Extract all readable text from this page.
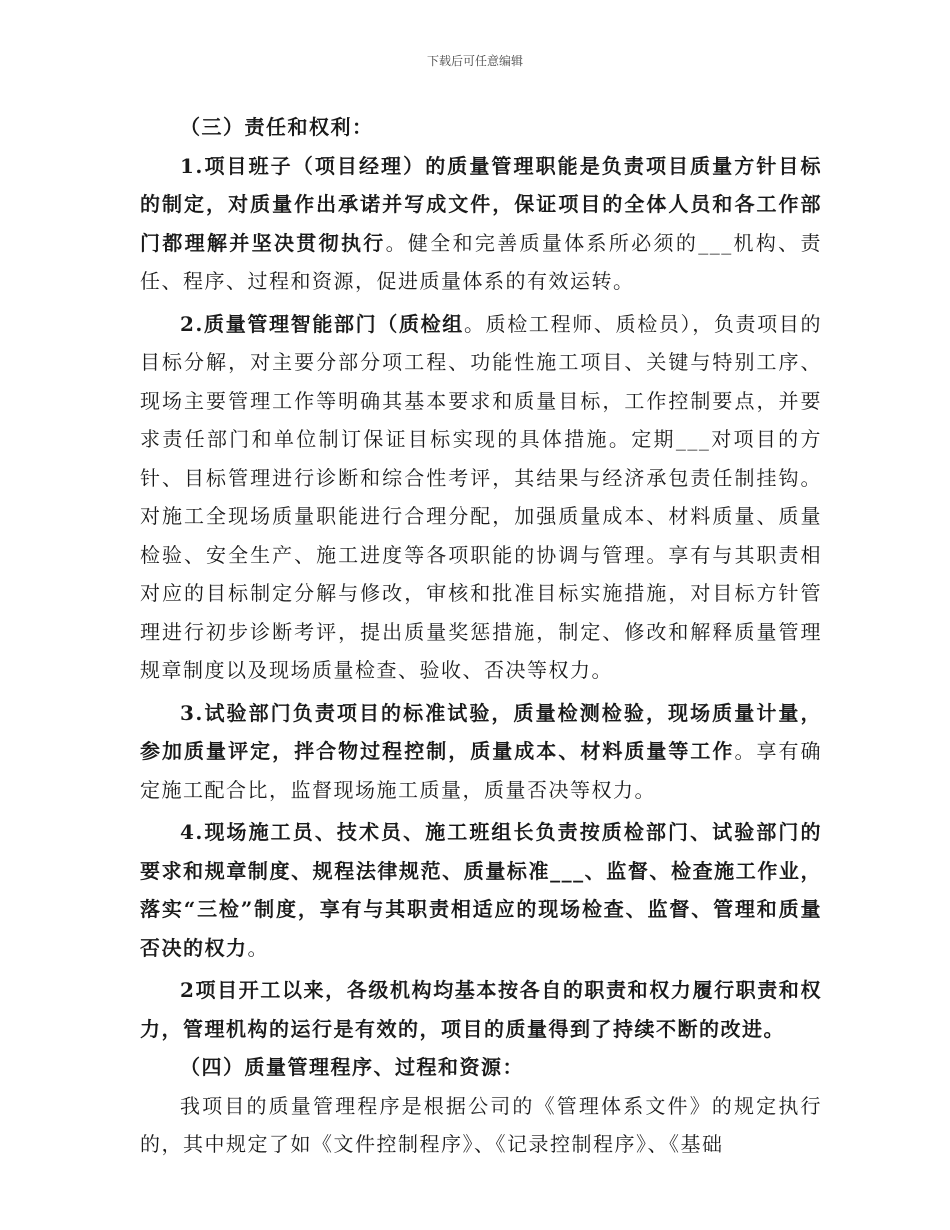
下载后可任意编辑

（三）责任和权利：

1.项目班子（项目经理）的质量管理职能是负责项目质量方针目标的制定，对质量作出承诺并写成文件，保证项目的全体人员和各工作部门都理解并坚决贯彻执行。健全和完善质量体系所必须的___机构、责任、程序、过程和资源，促进质量体系的有效运转。

2.质量管理智能部门（质检组。质检工程师、质检员），负责项目的目标分解，对主要分部分项工程、功能性施工项目、关键与特别工序、现场主要管理工作等明确其基本要求和质量目标，工作控制要点，并要求责任部门和单位制订保证目标实现的具体措施。定期___对项目的方针、目标管理进行诊断和综合性考评，其结果与经济承包责任制挂钩。对施工全现场质量职能进行合理分配，加强质量成本、材料质量、质量检验、安全生产、施工进度等各项职能的协调与管理。享有与其职责相对应的目标制定分解与修改，审核和批准目标实施措施，对目标方针管理进行初步诊断考评，提出质量奖惩措施，制定、修改和解释质量管理规章制度以及现场质量检查、验收、否决等权力。

3.试验部门负责项目的标准试验，质量检测检验，现场质量计量，参加质量评定，拌合物过程控制，质量成本、材料质量等工作。享有确定施工配合比，监督现场施工质量，质量否决等权力。

4.现场施工员、技术员、施工班组长负责按质检部门、试验部门的要求和规章制度、规程法律规范、质量标准___、监督、检查施工作业，落实“三检”制度，享有与其职责相适应的现场检查、监督、管理和质量否决的权力。

2项目开工以来，各级机构均基本按各自的职责和权力履行职责和权力，管理机构的运行是有效的，项目的质量得到了持续不断的改进。

（四）质量管理程序、过程和资源：

我项目的质量管理程序是根据公司的《管理体系文件》的规定执行的，其中规定了如《文件控制程序》、《记录控制程序》、《基础
